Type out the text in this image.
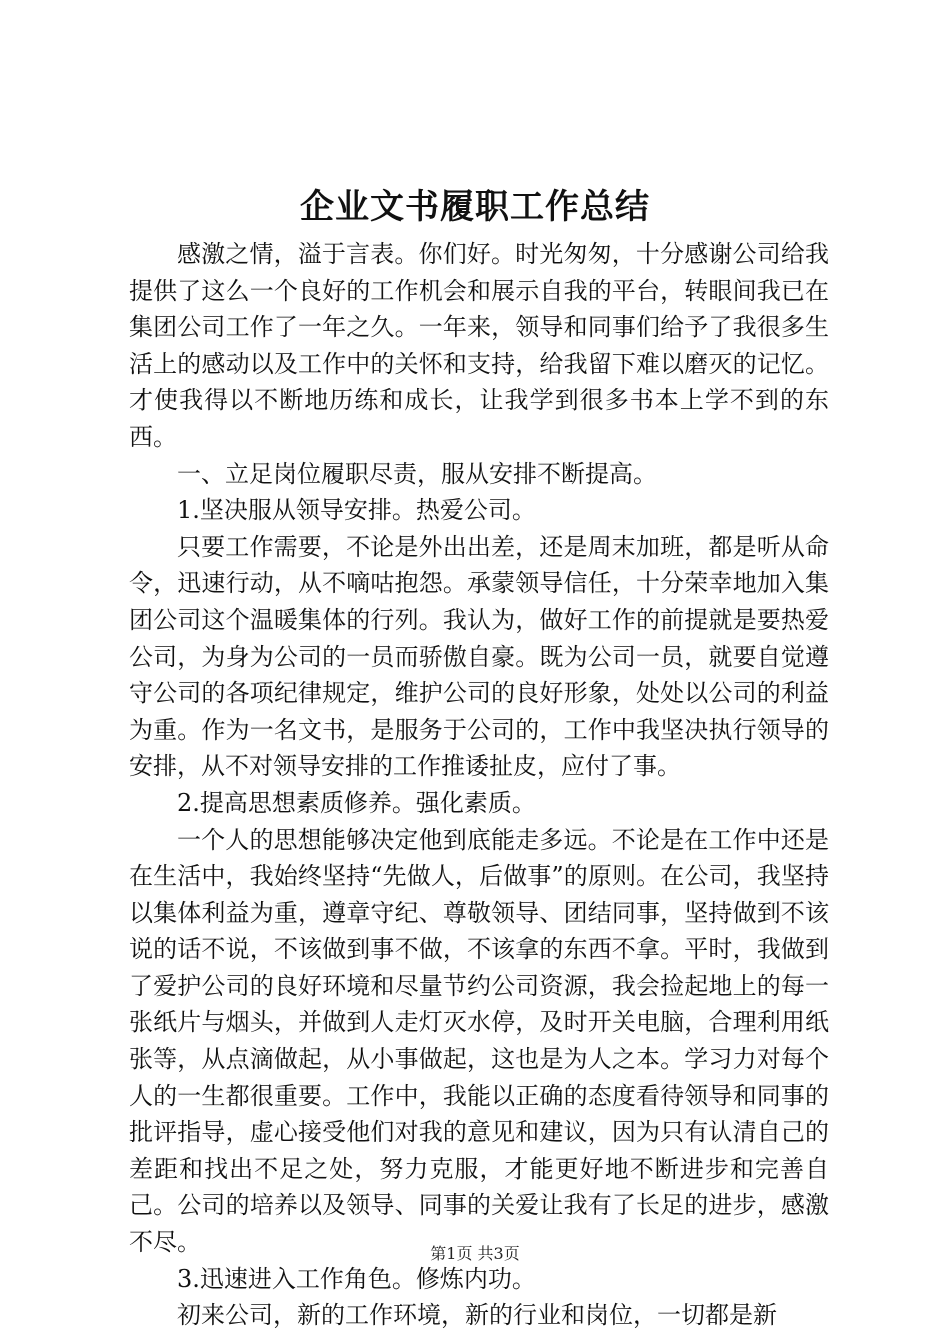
企业文书履职工作总结

感激之情，溢于言表。你们好。时光匆匆，十分感谢公司给我提供了这么一个良好的工作机会和展示自我的平台，转眼间我已在集团公司工作了一年之久。一年来，领导和同事们给予了我很多生活上的感动以及工作中的关怀和支持，给我留下难以磨灭的记忆。才使我得以不断地历练和成长，让我学到很多书本上学不到的东西。

一、立足岗位履职尽责，服从安排不断提高。

1.坚决服从领导安排。热爱公司。

只要工作需要，不论是外出出差，还是周末加班，都是听从命令，迅速行动，从不嘀咕抱怨。承蒙领导信任，十分荣幸地加入集团公司这个温暖集体的行列。我认为，做好工作的前提就是要热爱公司，为身为公司的一员而骄傲自豪。既为公司一员，就要自觉遵守公司的各项纪律规定，维护公司的良好形象，处处以公司的利益为重。作为一名文书，是服务于公司的，工作中我坚决执行领导的安排，从不对领导安排的工作推诿扯皮，应付了事。

2.提高思想素质修养。强化素质。

一个人的思想能够决定他到底能走多远。不论是在工作中还是在生活中，我始终坚持“先做人，后做事”的原则。在公司，我坚持以集体利益为重，遵章守纪、尊敬领导、团结同事，坚持做到不该说的话不说，不该做到事不做，不该拿的东西不拿。平时，我做到了爱护公司的良好环境和尽量节约公司资源，我会捡起地上的每一张纸片与烟头，并做到人走灯灭水停，及时开关电脑，合理利用纸张等，从点滴做起，从小事做起，这也是为人之本。学习力对每个人的一生都很重要。工作中，我能以正确的态度看待领导和同事的批评指导，虚心接受他们对我的意见和建议，因为只有认清自己的差距和找出不足之处，努力克服，才能更好地不断进步和完善自己。公司的培养以及领导、同事的关爱让我有了长足的进步，感激不尽。

3.迅速进入工作角色。修炼内功。

初来公司，新的工作环境，新的行业和岗位，一切都是新

第1页 共3页
